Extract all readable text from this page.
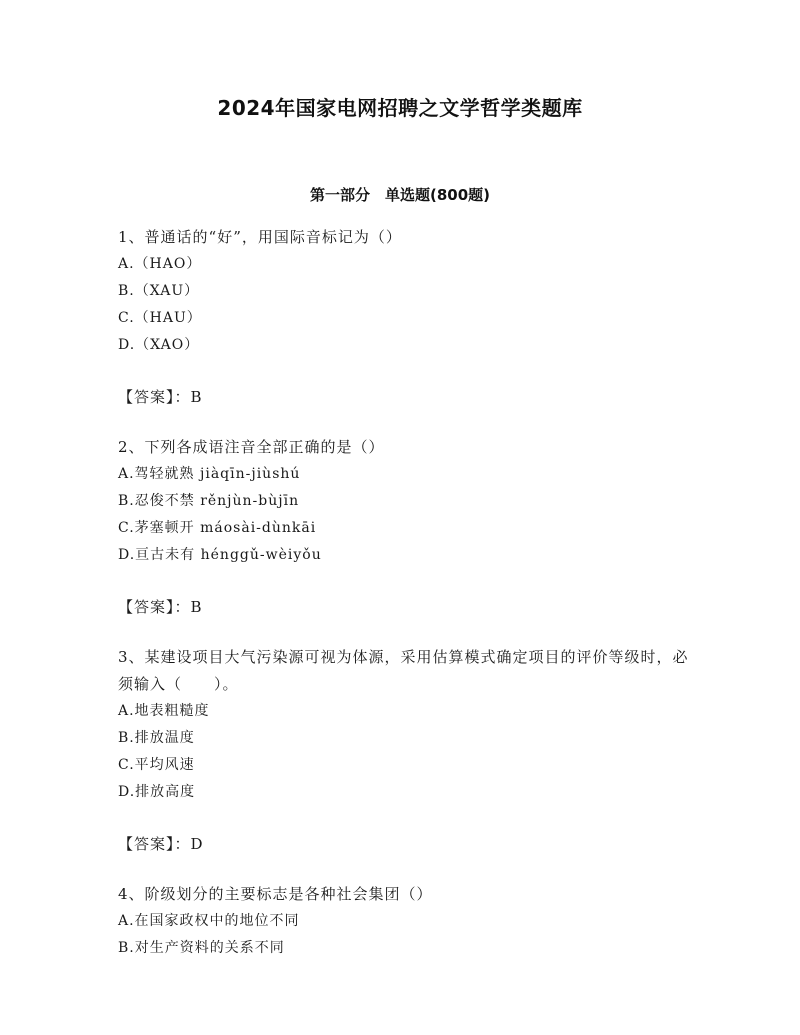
2024年国家电网招聘之文学哲学类题库
第一部分　单选题(800题)

1、普通话的“好”，用国际音标记为（）

A.（HAO）

B.（XAU）

C.（HAU）

D.（XAO）

【答案】：B

2、下列各成语注音全部正确的是（）

A.驾轻就熟 jiàqīn-jiùshú

B.忍俊不禁 rěnjùn-bùjīn

C.茅塞顿开 máosài-dùnkāi

D.亘古未有 hénggǔ-wèiyǒu

【答案】：B

3、某建设项目大气污染源可视为体源，采用估算模式确定项目的评价等级时，必须输入（　　）。

A.地表粗糙度

B.排放温度

C.平均风速

D.排放高度

【答案】：D

4、阶级划分的主要标志是各种社会集团（）

A.在国家政权中的地位不同

B.对生产资料的关系不同
